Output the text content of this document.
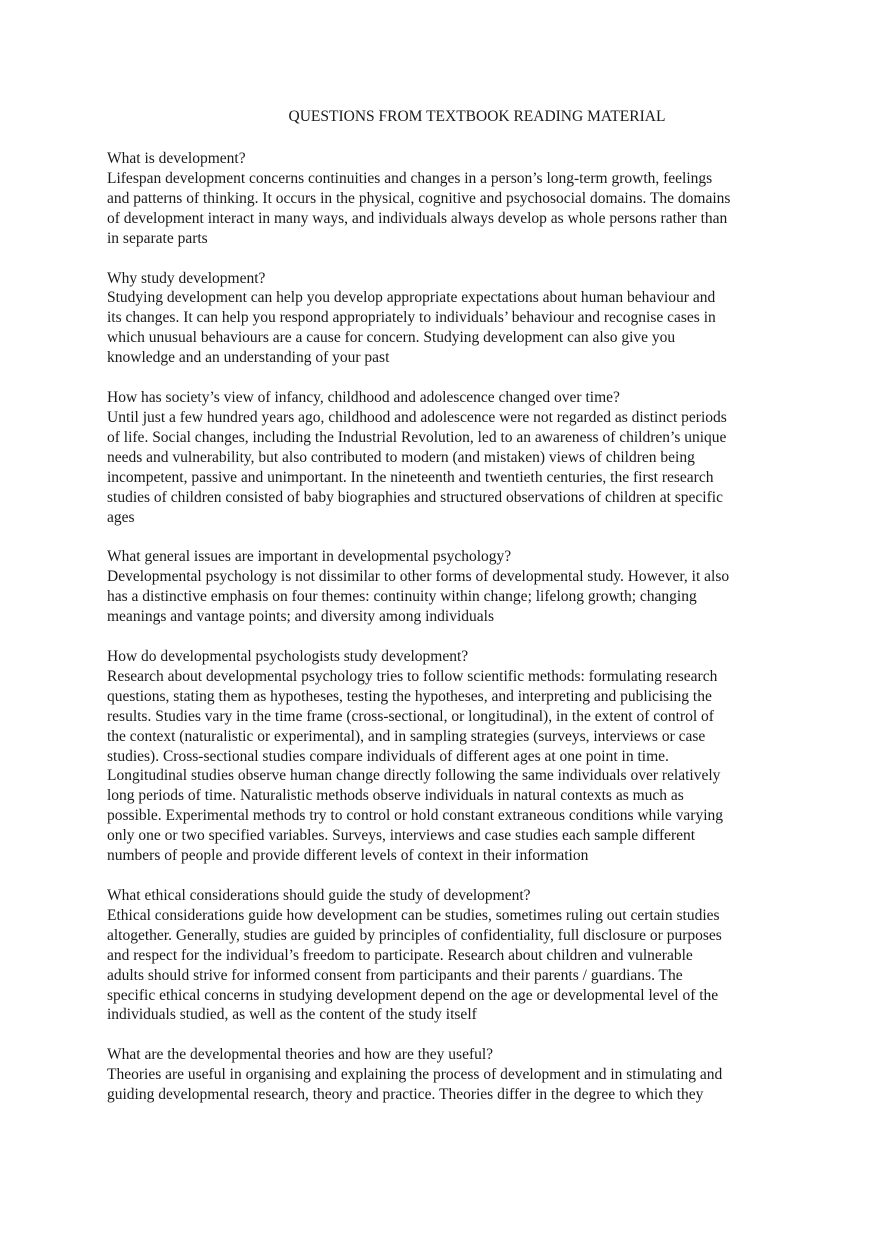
QUESTIONS FROM TEXTBOOK READING MATERIAL

What is development?

Lifespan development concerns continuities and changes in a person’s long-term growth, feelings
and patterns of thinking. It occurs in the physical, cognitive and psychosocial domains. The domains
of development interact in many ways, and individuals always develop as whole persons rather than
in separate parts

Why study development?

Studying development can help you develop appropriate expectations about human behaviour and
its changes. It can help you respond appropriately to individuals’ behaviour and recognise cases in
which unusual behaviours are a cause for concern. Studying development can also give you
knowledge and an understanding of your past

How has society’s view of infancy, childhood and adolescence changed over time?

Until just a few hundred years ago, childhood and adolescence were not regarded as distinct periods
of life. Social changes, including the Industrial Revolution, led to an awareness of children’s unique
needs and vulnerability, but also contributed to modern (and mistaken) views of children being
incompetent, passive and unimportant. In the nineteenth and twentieth centuries, the first research
studies of children consisted of baby biographies and structured observations of children at specific
ages

What general issues are important in developmental psychology?

Developmental psychology is not dissimilar to other forms of developmental study. However, it also
has a distinctive emphasis on four themes: continuity within change; lifelong growth; changing
meanings and vantage points; and diversity among individuals

How do developmental psychologists study development?

Research about developmental psychology tries to follow scientific methods: formulating research
questions, stating them as hypotheses, testing the hypotheses, and interpreting and publicising the
results. Studies vary in the time frame (cross-sectional, or longitudinal), in the extent of control of
the context (naturalistic or experimental), and in sampling strategies (surveys, interviews or case
studies). Cross-sectional studies compare individuals of different ages at one point in time.
Longitudinal studies observe human change directly following the same individuals over relatively
long periods of time. Naturalistic methods observe individuals in natural contexts as much as
possible. Experimental methods try to control or hold constant extraneous conditions while varying
only one or two specified variables. Surveys, interviews and case studies each sample different
numbers of people and provide different levels of context in their information

What ethical considerations should guide the study of development?

Ethical considerations guide how development can be studies, sometimes ruling out certain studies
altogether. Generally, studies are guided by principles of confidentiality, full disclosure or purposes
and respect for the individual’s freedom to participate. Research about children and vulnerable
adults should strive for informed consent from participants and their parents / guardians. The
specific ethical concerns in studying development depend on the age or developmental level of the
individuals studied, as well as the content of the study itself

What are the developmental theories and how are they useful?

Theories are useful in organising and explaining the process of development and in stimulating and
guiding developmental research, theory and practice. Theories differ in the degree to which they
